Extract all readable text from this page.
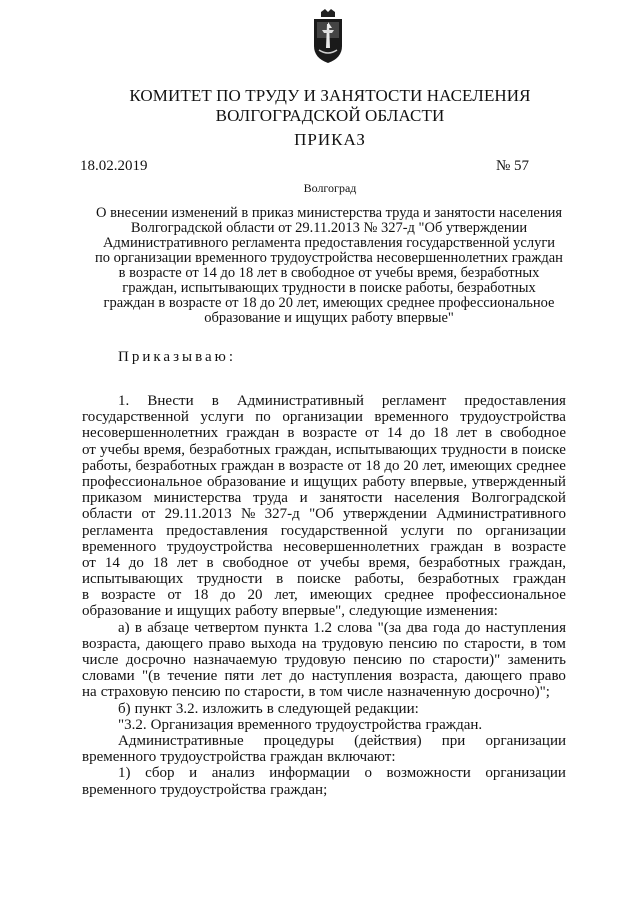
КОМИТЕТ ПО ТРУДУ И ЗАНЯТОСТИ НАСЕЛЕНИЯ
ВОЛГОГРАДСКОЙ ОБЛАСТИ
ПРИКАЗ
18.02.2019	№ 57
Волгоград
О внесении изменений в приказ министерства труда и занятости населения
Волгоградской области от 29.11.2013 № 327-д "Об утверждении
Административного регламента предоставления государственной услуги
по организации временного трудоустройства несовершеннолетних граждан
в возрасте от 14 до 18 лет в свободное от учебы время, безработных
граждан, испытывающих трудности в поиске работы, безработных
граждан в возрасте от 18 до 20 лет, имеющих среднее профессиональное
образование и ищущих работу впервые"
Приказываю:
1. Внести в Административный регламент предоставления
государственной услуги по организации временного трудоустройства
несовершеннолетних граждан в возрасте от 14 до 18 лет в свободное
от учебы время, безработных граждан, испытывающих трудности в поиске
работы, безработных граждан в возрасте от 18 до 20 лет, имеющих среднее
профессиональное образование и ищущих работу впервые, утвержденный
приказом министерства труда и занятости населения Волгоградской
области от 29.11.2013 № 327-д "Об утверждении Административного
регламента предоставления государственной услуги по организации
временного трудоустройства несовершеннолетних граждан в возрасте
от 14 до 18 лет в свободное от учебы время, безработных граждан,
испытывающих трудности в поиске работы, безработных граждан
в возрасте от 18 до 20 лет, имеющих среднее профессиональное
образование и ищущих работу впервые", следующие изменения:
а) в абзаце четвертом пункта 1.2 слова "(за два года до наступления
возраста, дающего право выхода на трудовую пенсию по старости, в том
числе досрочно назначаемую трудовую пенсию по старости)" заменить
словами "(в течение пяти лет до наступления возраста, дающего право
на страховую пенсию по старости, в том числе назначенную досрочно)";
б) пункт 3.2. изложить в следующей редакции:
"3.2. Организация временного трудоустройства граждан.
Административные процедуры (действия) при организации
временного трудоустройства граждан включают:
1) сбор и анализ информации о возможности организации
временного трудоустройства граждан;
